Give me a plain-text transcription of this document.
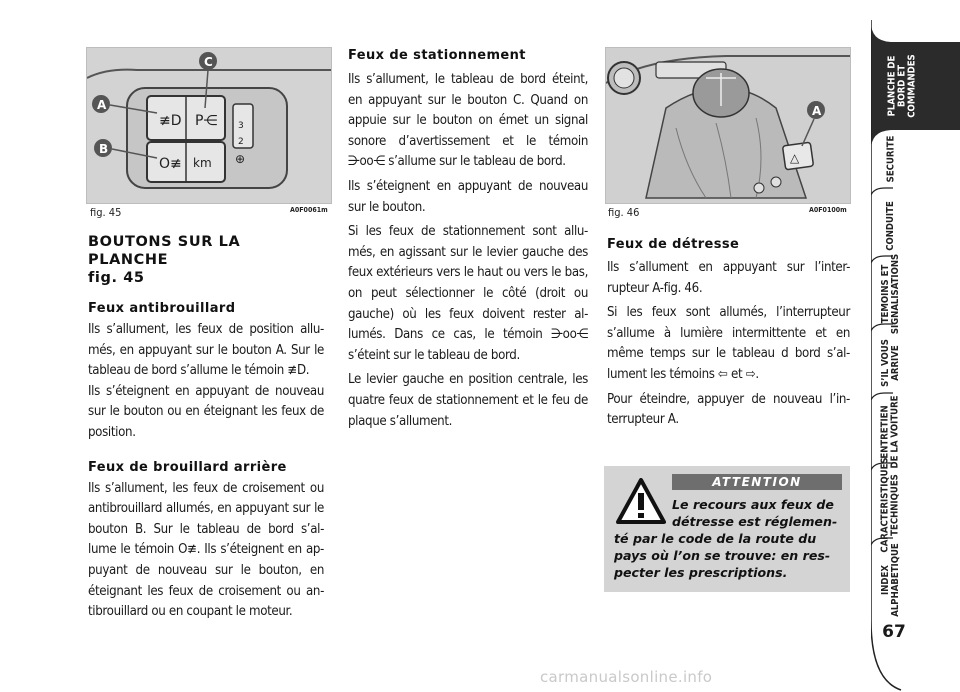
≢D P⋲
O≢ km
3
2
⊕
A
B
C
fig. 45	A0F0061m
BOUTONS SUR LA PLANCHE
fig. 45
Feux antibrouillard

Ils s’allument, les feux de position allu-més, en appuyant sur le bouton A. Sur le tableau de bord s’allume le témoin ≢D.

Ils s’éteignent en appuyant de nouveau sur le bouton ou en éteignant les feux de position.

Feux de brouillard arrière

Ils s’allument, les feux de croisement ou antibrouillard allumés, en appuyant sur le bouton B. Sur le tableau de bord s’al-lume le témoin O≢. Ils s’éteignent en ap-puyant de nouveau sur le bouton, en éteignant les feux de croisement ou an-tibrouillard ou en coupant le moteur.

Feux de stationnement

Ils s’allument, le tableau de bord éteint, en appuyant sur le bouton C. Quand on appuie sur le bouton on émet un signal sonore d’avertissement et le témoin ⋺oo⋲ s’allume sur le tableau de bord.

Ils s’éteignent en appuyant de nouveau sur le bouton.

Si les feux de stationnement sont allu-més, en agissant sur le levier gauche des feux extérieurs vers le haut ou vers le bas, on peut sélectionner le côté (droit ou gauche) où les feux doivent rester al-lumés. Dans ce cas, le témoin ⋺oo⋲ s’éteint sur le tableau de bord.

Le levier gauche en position centrale, les quatre feux de stationnement et le feu de plaque s’allument.

△
A
fig. 46	A0F0100m
Feux de détresse

Ils s’allument en appuyant sur l’inter-rupteur A-fig. 46.

Si les feux sont allumés, l’interrupteur s’allume à lumière intermittente et en même temps sur le tableau d bord s’al-lument les témoins ⇦ et ⇨.

Pour éteindre, appuyer de nouveau l’in-terrupteur A.

ATTENTION
Le recours aux feux de
détresse est réglemen-
té par le code de la route du
pays où l’on se trouve: en res-
pecter les prescriptions.
PLANCHE DE
BORD ET
COMMANDES
SECURITE
CONDUITE
TEMOINS ET
SIGNALISATIONS
S’IL VOUS
ARRIVE
ENTRETIEN
DE LA VOITURE
CARACTERISTIQUES
TECHNIQUES
INDEX
ALPHABETIQUE
67
carmanualsonline.info
